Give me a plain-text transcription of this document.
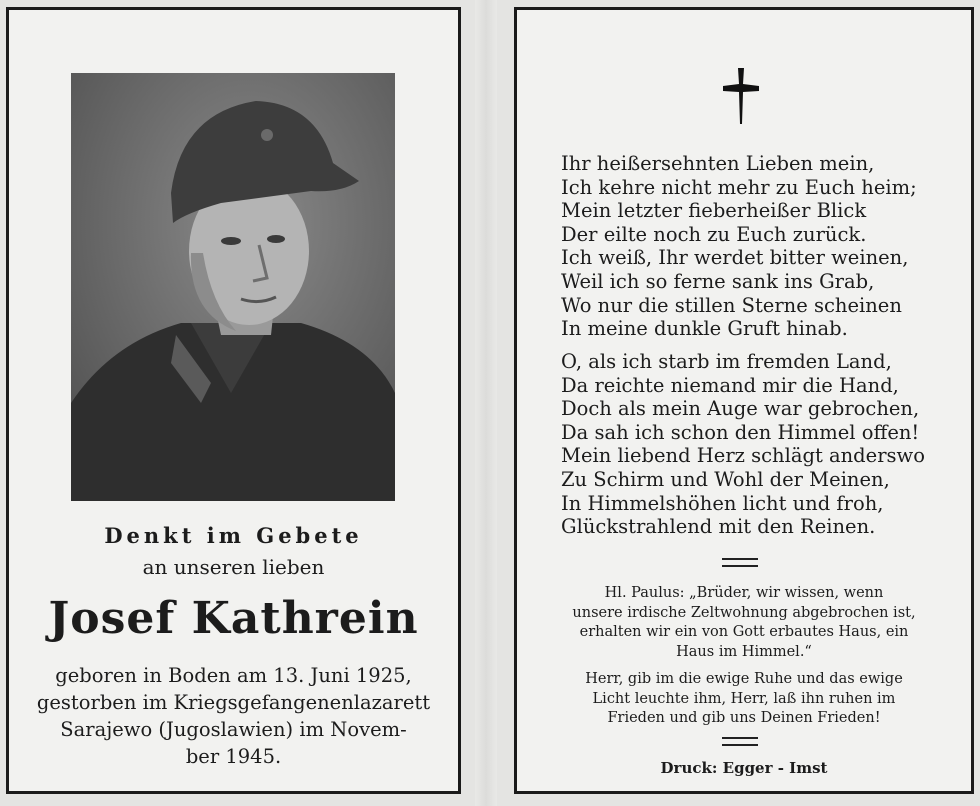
Denkt im Gebete
an unseren lieben
Josef Kathrein
geboren in Boden am 13. Juni 1925,
gestorben im Kriegsgefangenenlazarett
Sarajewo (Jugoslawien) im Novem-
ber 1945.
Ihr heißersehnten Lieben mein,
Ich kehre nicht mehr zu Euch heim;
Mein letzter fieberheißer Blick
Der eilte noch zu Euch zurück.
Ich weiß, Ihr werdet bitter weinen,
Weil ich so ferne sank ins Grab,
Wo nur die stillen Sterne scheinen
In meine dunkle Gruft hinab.
O, als ich starb im fremden Land,
Da reichte niemand mir die Hand,
Doch als mein Auge war gebrochen,
Da sah ich schon den Himmel offen!
Mein liebend Herz schlägt anderswo
Zu Schirm und Wohl der Meinen,
In Himmelshöhen licht und froh,
Glückstrahlend mit den Reinen.
Hl. Paulus: „Brüder, wir wissen, wenn
unsere irdische Zeltwohnung abgebrochen ist,
erhalten wir ein von Gott erbautes Haus, ein
Haus im Himmel.“
Herr, gib im die ewige Ruhe und das ewige
Licht leuchte ihm, Herr, laß ihn ruhen im
Frieden und gib uns Deinen Frieden!
Druck: Egger - Imst
